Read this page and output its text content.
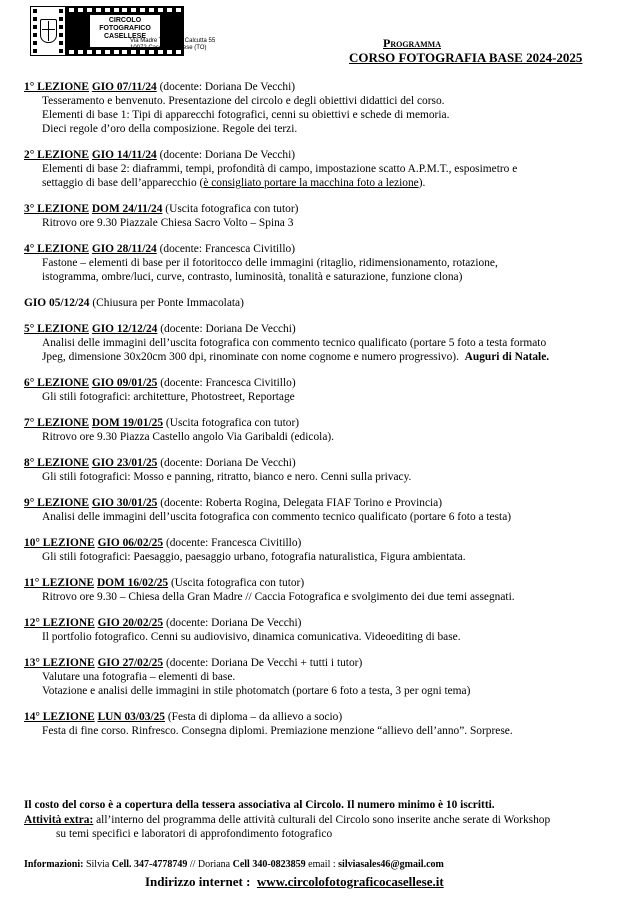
CIRCOLO
FOTOGRAFICO
CASELLESE
Via Madre Teresa di Calcutta 55
10072 Caselle Torinese (TO)	Programma
CORSO FOTOGRAFIA BASE 2024-2025
1° LEZIONE GIO 07/11/24 (docente: Doriana De Vecchi)
Tesseramento e benvenuto. Presentazione del circolo e degli obiettivi didattici del corso.
Elementi di base 1: Tipi di apparecchi fotografici, cenni su obiettivi e schede di memoria.
Dieci regole d’oro della composizione. Regole dei terzi.
2° LEZIONE GIO 14/11/24 (docente: Doriana De Vecchi)
Elementi di base 2: diaframmi, tempi, profondità di campo, impostazione scatto A.P.M.T., esposimetro e
settaggio di base dell’apparecchio (è consigliato portare la macchina foto a lezione).
3° LEZIONE DOM 24/11/24 (Uscita fotografica con tutor)
Ritrovo ore 9.30 Piazzale Chiesa Sacro Volto – Spina 3
4° LEZIONE GIO 28/11/24 (docente: Francesca Civitillo)
Fastone – elementi di base per il fotoritocco delle immagini (ritaglio, ridimensionamento, rotazione,
istogramma, ombre/luci, curve, contrasto, luminosità, tonalità e saturazione, funzione clona)
GIO 05/12/24 (Chiusura per Ponte Immacolata)
5° LEZIONE GIO 12/12/24 (docente: Doriana De Vecchi)
Analisi delle immagini dell’uscita fotografica con commento tecnico qualificato (portare 5 foto a testa formato
Jpeg, dimensione 30x20cm 300 dpi, rinominate con nome cognome e numero progressivo). Auguri di Natale.
6° LEZIONE GIO 09/01/25 (docente: Francesca Civitillo)
Gli stili fotografici: architetture, Photostreet, Reportage
7° LEZIONE DOM 19/01/25 (Uscita fotografica con tutor)
Ritrovo ore 9.30 Piazza Castello angolo Via Garibaldi (edicola).
8° LEZIONE GIO 23/01/25 (docente: Doriana De Vecchi)
Gli stili fotografici: Mosso e panning, ritratto, bianco e nero. Cenni sulla privacy.
9° LEZIONE GIO 30/01/25 (docente: Roberta Rogina, Delegata FIAF Torino e Provincia)
Analisi delle immagini dell’uscita fotografica con commento tecnico qualificato (portare 6 foto a testa)
10° LEZIONE GIO 06/02/25 (docente: Francesca Civitillo)
Gli stili fotografici: Paesaggio, paesaggio urbano, fotografia naturalistica, Figura ambientata.
11° LEZIONE DOM 16/02/25 (Uscita fotografica con tutor)
Ritrovo ore 9.30 – Chiesa della Gran Madre // Caccia Fotografica e svolgimento dei due temi assegnati.
12° LEZIONE GIO 20/02/25 (docente: Doriana De Vecchi)
Il portfolio fotografico. Cenni su audiovisivo, dinamica comunicativa. Videoediting di base.
13° LEZIONE GIO 27/02/25 (docente: Doriana De Vecchi + tutti i tutor)
Valutare una fotografia – elementi di base.
Votazione e analisi delle immagini in stile photomatch (portare 6 foto a testa, 3 per ogni tema)
14° LEZIONE LUN 03/03/25 (Festa di diploma – da allievo a socio)
Festa di fine corso. Rinfresco. Consegna diplomi. Premiazione menzione “allievo dell’anno”. Sorprese.
Il costo del corso è a copertura della tessera associativa al Circolo. Il numero minimo è 10 iscritti.
Attività extra: all’interno del programma delle attività culturali del Circolo sono inserite anche serate di Workshop
su temi specifici e laboratori di approfondimento fotografico
Informazioni: Silvia Cell. 347-4778749 // Doriana Cell 340-0823859 email : silviasales46@gmail.com
Indirizzo internet : www.circolofotograficocasellese.it
